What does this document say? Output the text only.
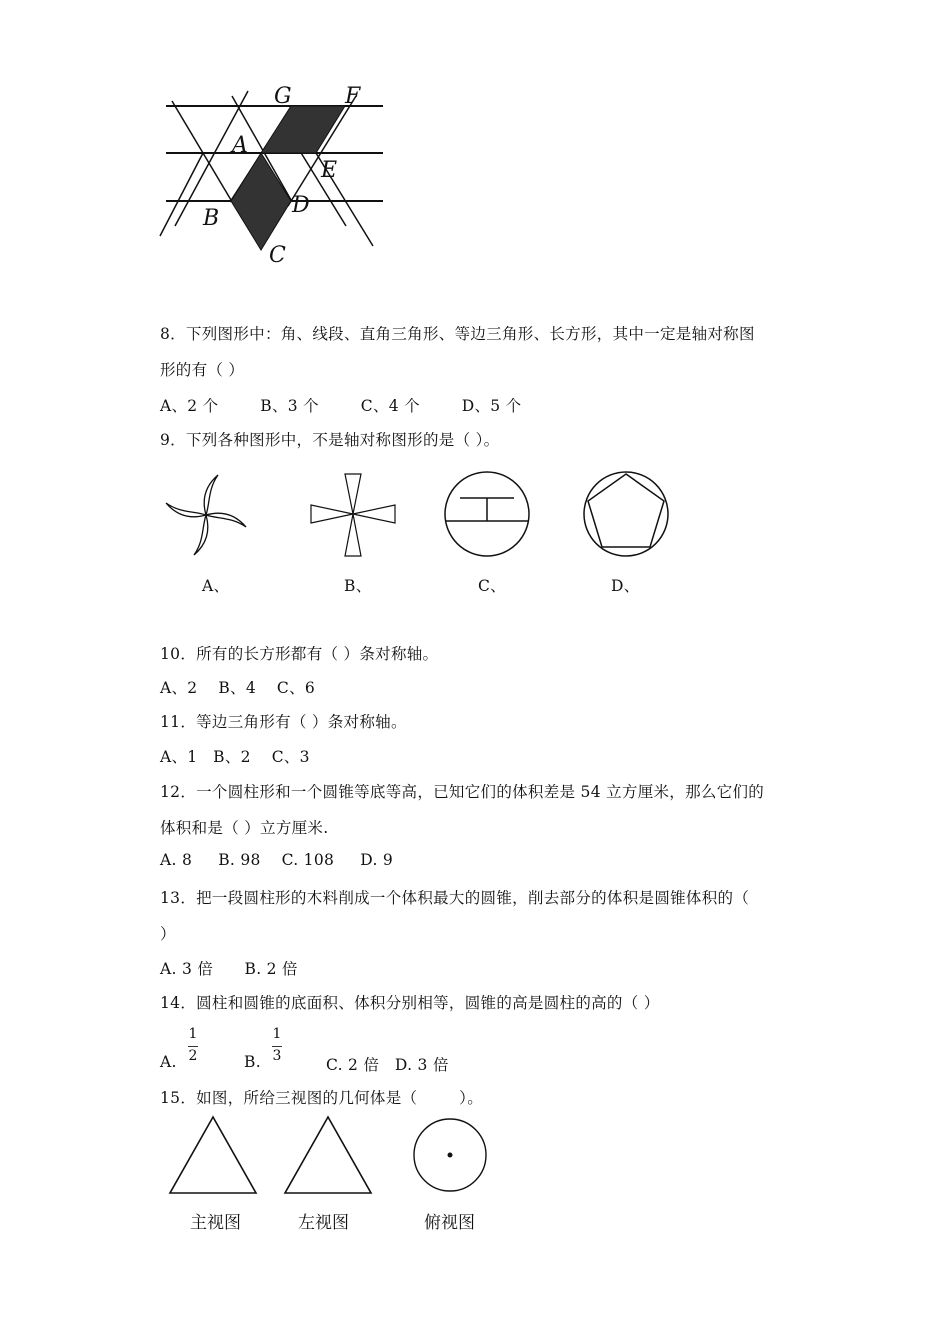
G F
A
E
B
D
C
8．下列图形中：角、线段、直角三角形、等边三角形、长方形，其中一定是轴对称图
形的有（ ）
A、2 个        B、3 个        C、4 个        D、5 个
9．下列各种图形中，不是轴对称图形的是（ ）。
A、	B、	C、	D、
10．所有的长方形都有（ ）条对称轴。
A、2    B、4    C、6
11．等边三角形有（ ）条对称轴。
A、1   B、2    C、3
12．一个圆柱形和一个圆锥等底等高，已知它们的体积差是 54 立方厘米，那么它们的
体积和是（ ）立方厘米.
A. 8     B. 98    C. 108     D. 9
13．把一段圆柱形的木料削成一个体积最大的圆锥，削去部分的体积是圆锥体积的（
）
A. 3 倍      B. 2 倍
14．圆柱和圆锥的底面积、体积分别相等，圆锥的高是圆柱的高的（ ）
A.
1
2	B.
1
3	C. 2 倍   D. 3 倍
15．如图，所给三视图的几何体是（        ）。
主视图	左视图	俯视图
